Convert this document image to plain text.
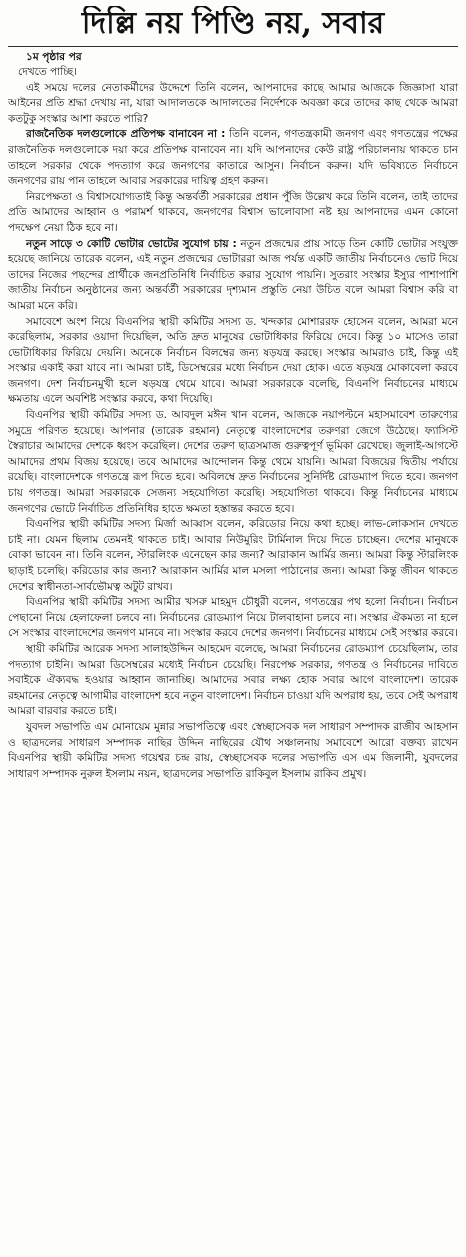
দিল্লি নয় পিণ্ডি নয়, সবার
১ম পৃষ্ঠার পর

দেখতে পাচ্ছি।

এই সময়ে দলের নেতাকর্মীদের উদ্দেশে তিনি বলেন, আপনাদের কাছে আমার আজকে জিজ্ঞাসা যারা আইনের প্রতি শ্রদ্ধা দেখায় না, যারা আদালতকে আদালতের নির্দেশকে অবজ্ঞা করে তাদের কাছ থেকে আমরা কতটুকু সংস্কার আশা করতে পারি?

রাজনৈতিক দলগুলোকে প্রতিপক্ষ বানাবেন না : তিনি বলেন, গণতন্ত্রকামী জনগণ এবং গণতন্ত্রের পক্ষের রাজনৈতিক দলগুলোকে দয়া করে প্রতিপক্ষ বানাবেন না। যদি আপনাদের কেউ রাষ্ট্র পরিচালনায় থাকতে চান তাহলে সরকার থেকে পদত্যাগ করে জনগণের কাতারে আসুন। নির্বাচন করুন। যদি ভবিষ্যতে নির্বাচনে জনগণের রায় পান তাহলে আবার সরকারের দায়িত্ব গ্রহণ করুন।

নিরপেক্ষতা ও বিশ্বাসযোগ্যতাই কিন্তু অন্তর্বর্তী সরকারের প্রধান পুঁজি উল্লেখ করে তিনি বলেন, তাই তাদের প্রতি আমাদের আহ্বান ও পরামর্শ থাকবে, জনগণের বিশ্বাস ভালোবাসা নষ্ট হয় আপনাদের এমন কোনো পদক্ষেপ নেয়া ঠিক হবে না।

নতুন সাড়ে ৩ কোটি ভোটার ভোটের সুযোগ চায় : নতুন প্রজন্মের প্রায় সাড়ে তিন কোটি ভোটার সংযুক্ত হয়েছে জানিয়ে তারেক বলেন, এই নতুন প্রজন্মের ভোটাররা আজ পর্যন্ত একটি জাতীয় নির্বাচনেও ভোট দিয়ে তাদের নিজের পছন্দের প্রার্থীকে জনপ্রতিনিধি নির্বাচিত করার সুযোগ পায়নি। সুতরাং সংস্কার ইস্যুর পাশাপাশি জাতীয় নির্বাচন অনুষ্ঠানের জন্য অন্তর্বর্তী সরকারের দৃশ্যমান প্রস্তুতি নেয়া উচিত বলে আমরা বিশ্বাস করি বা আমরা মনে করি।

সমাবেশে অংশ নিয়ে বিএনপির স্থায়ী কমিটির সদস্য ড. খন্দকার মোশাররফ হোসেন বলেন, আমরা মনে করেছিলাম, সরকার ওয়াদা দিয়েছিল, অতি দ্রুত মানুষের ভোটাধিকার ফিরিয়ে দেবে। কিন্তু ১০ মাসেও তারা ভোটাধিকার ফিরিয়ে দেয়নি। অনেকে নির্বাচন বিলম্বের জন্য ষড়যন্ত্র করছে। সংস্কার আমরাও চাই, কিন্তু এই সংস্কার একাই করা যাবে না। আমরা চাই, ডিসেম্বরের মধ্যে নির্বাচন দেয়া হোক। এতে ষড়যন্ত্র মোকাবেলা করবে জনগণ। দেশ নির্বাচনমুখী হলে ষড়যন্ত্র থেমে যাবে। আমরা সরকারকে বলেছি, বিএনপি নির্বাচনের মাধ্যমে ক্ষমতায় এলে অবশিষ্ট সংস্কার করবে, কথা দিয়েছি।

বিএনপির স্থায়ী কমিটির সদস্য ড. আবদুল মঈন খান বলেন, আজকে নয়াপল্টনে মহাসমাবেশ তারুণ্যের সমুদ্রে পরিণত হয়েছে। আপনার (তারেক রহমান) নেতৃত্বে বাংলাদেশের তরুণরা জেগে উঠেছে। ফ্যাসিস্ট স্বৈরাচার আমাদের দেশকে ধ্বংস করেছিল। দেশের তরুণ ছাত্রসমাজ গুরুত্বপূর্ণ ভূমিকা রেখেছে। জুলাই-আগস্টে আমাদের প্রথম বিজয় হয়েছে। তবে আমাদের আন্দোলন কিন্তু থেমে যায়নি। আমরা বিজয়ের দ্বিতীয় পর্যায়ে রয়েছি। বাংলাদেশকে গণতন্ত্রে রূপ দিতে হবে। অবিলম্বে দ্রুত নির্বাচনের সুনির্দিষ্ট রোডম্যাপ দিতে হবে। জনগণ চায় গণতন্ত্র। আমরা সরকারকে সেজন্য সহযোগিতা করেছি। সহযোগিতা থাকবে। কিন্তু নির্বাচনের মাধ্যমে জনগণের ভোটে নির্বাচিত প্রতিনিধির হাতে ক্ষমতা হস্তান্তর করতে হবে।

বিএনপির স্থায়ী কমিটির সদস্য মির্জা আব্বাস বলেন, করিডোর নিয়ে কথা হচ্ছে। লাভ-লোকসান দেখতে চাই না। যেমন ছিলাম তেমনই থাকতে চাই। আবার নিউমুরিং টার্মিনাল দিয়ে দিতে চাচ্ছেন। দেশের মানুষকে বোকা ভাবেন না। তিনি বলেন, স্টারলিংক এনেছেন কার জন্য? আরাকান আর্মির জন্য। আমরা কিন্তু স্টারলিংক ছাড়াই চলেছি। করিডোর কার জন্য? আরাকান আর্মির মাল মসলা পাঠানোর জন্য। আমরা কিন্তু জীবন থাকতে দেশের স্বাধীনতা-সার্বভৌমত্ব অটুট রাখব।

বিএনপির স্থায়ী কমিটির সদস্য আমীর খসরু মাহমুদ চৌধুরী বলেন, গণতন্ত্রের পথ হলো নির্বাচন। নির্বাচন পেছানো নিয়ে হেলাফেলা চলবে না। নির্বাচনের রোডম্যাপ নিয়ে টালবাহানা চলবে না। সংস্কার ঐকমত্য না হলে সে সংস্কার বাংলাদেশের জনগণ মানবে না। সংস্কার করবে দেশের জনগণ। নির্বাচনের মাধ্যমে সেই সংস্কার করবে।

স্থায়ী কমিটির আরেক সদস্য সালাহউদ্দিন আহমেদ বলেছে, আমরা নির্বাচনের রোডম্যাপ চেয়েছিলাম, তার পদত্যাগ চাইনি। আমরা ডিসেম্বরের মধ্যেই নির্বাচন চেয়েছি। নিরপেক্ষ সরকার, গণতন্ত্র ও নির্বাচনের দাবিতে সবাইকে ঐক্যবদ্ধ হওয়ার আহ্বান জানাচ্ছি। আমাদের সবার লক্ষ্য হোক সবার আগে বাংলাদেশ। তারেক রহমানের নেতৃত্বে আগামীর বাংলাদেশ হবে নতুন বাংলাদেশ। নির্বাচন চাওয়া যদি অপরাধ হয়, তবে সেই অপরাধ আমরা বারবার করতে চাই।

যুবদল সভাপতি এম মোনায়েম মুন্নার সভাপতিত্বে এবং স্বেচ্ছাসেবক দল সাধারণ সম্পাদক রাজীব আহসান ও ছাত্রদলের সাধারণ সম্পাদক নাছির উদ্দিন নাছিরের যৌথ সঞ্চালনায় সমাবেশে আরো বক্তব্য রাখেন বিএনপির স্থায়ী কমিটির সদস্য গয়েশ্বর চন্দ্র রায়, স্বেচ্ছাসেবক দলের সভাপতি এস এম জিলানী, যুবদলের সাধারণ সম্পাদক নুরুল ইসলাম নয়ন, ছাত্রদলের সভাপতি রাকিবুল ইসলাম রাকিব প্রমুখ।
